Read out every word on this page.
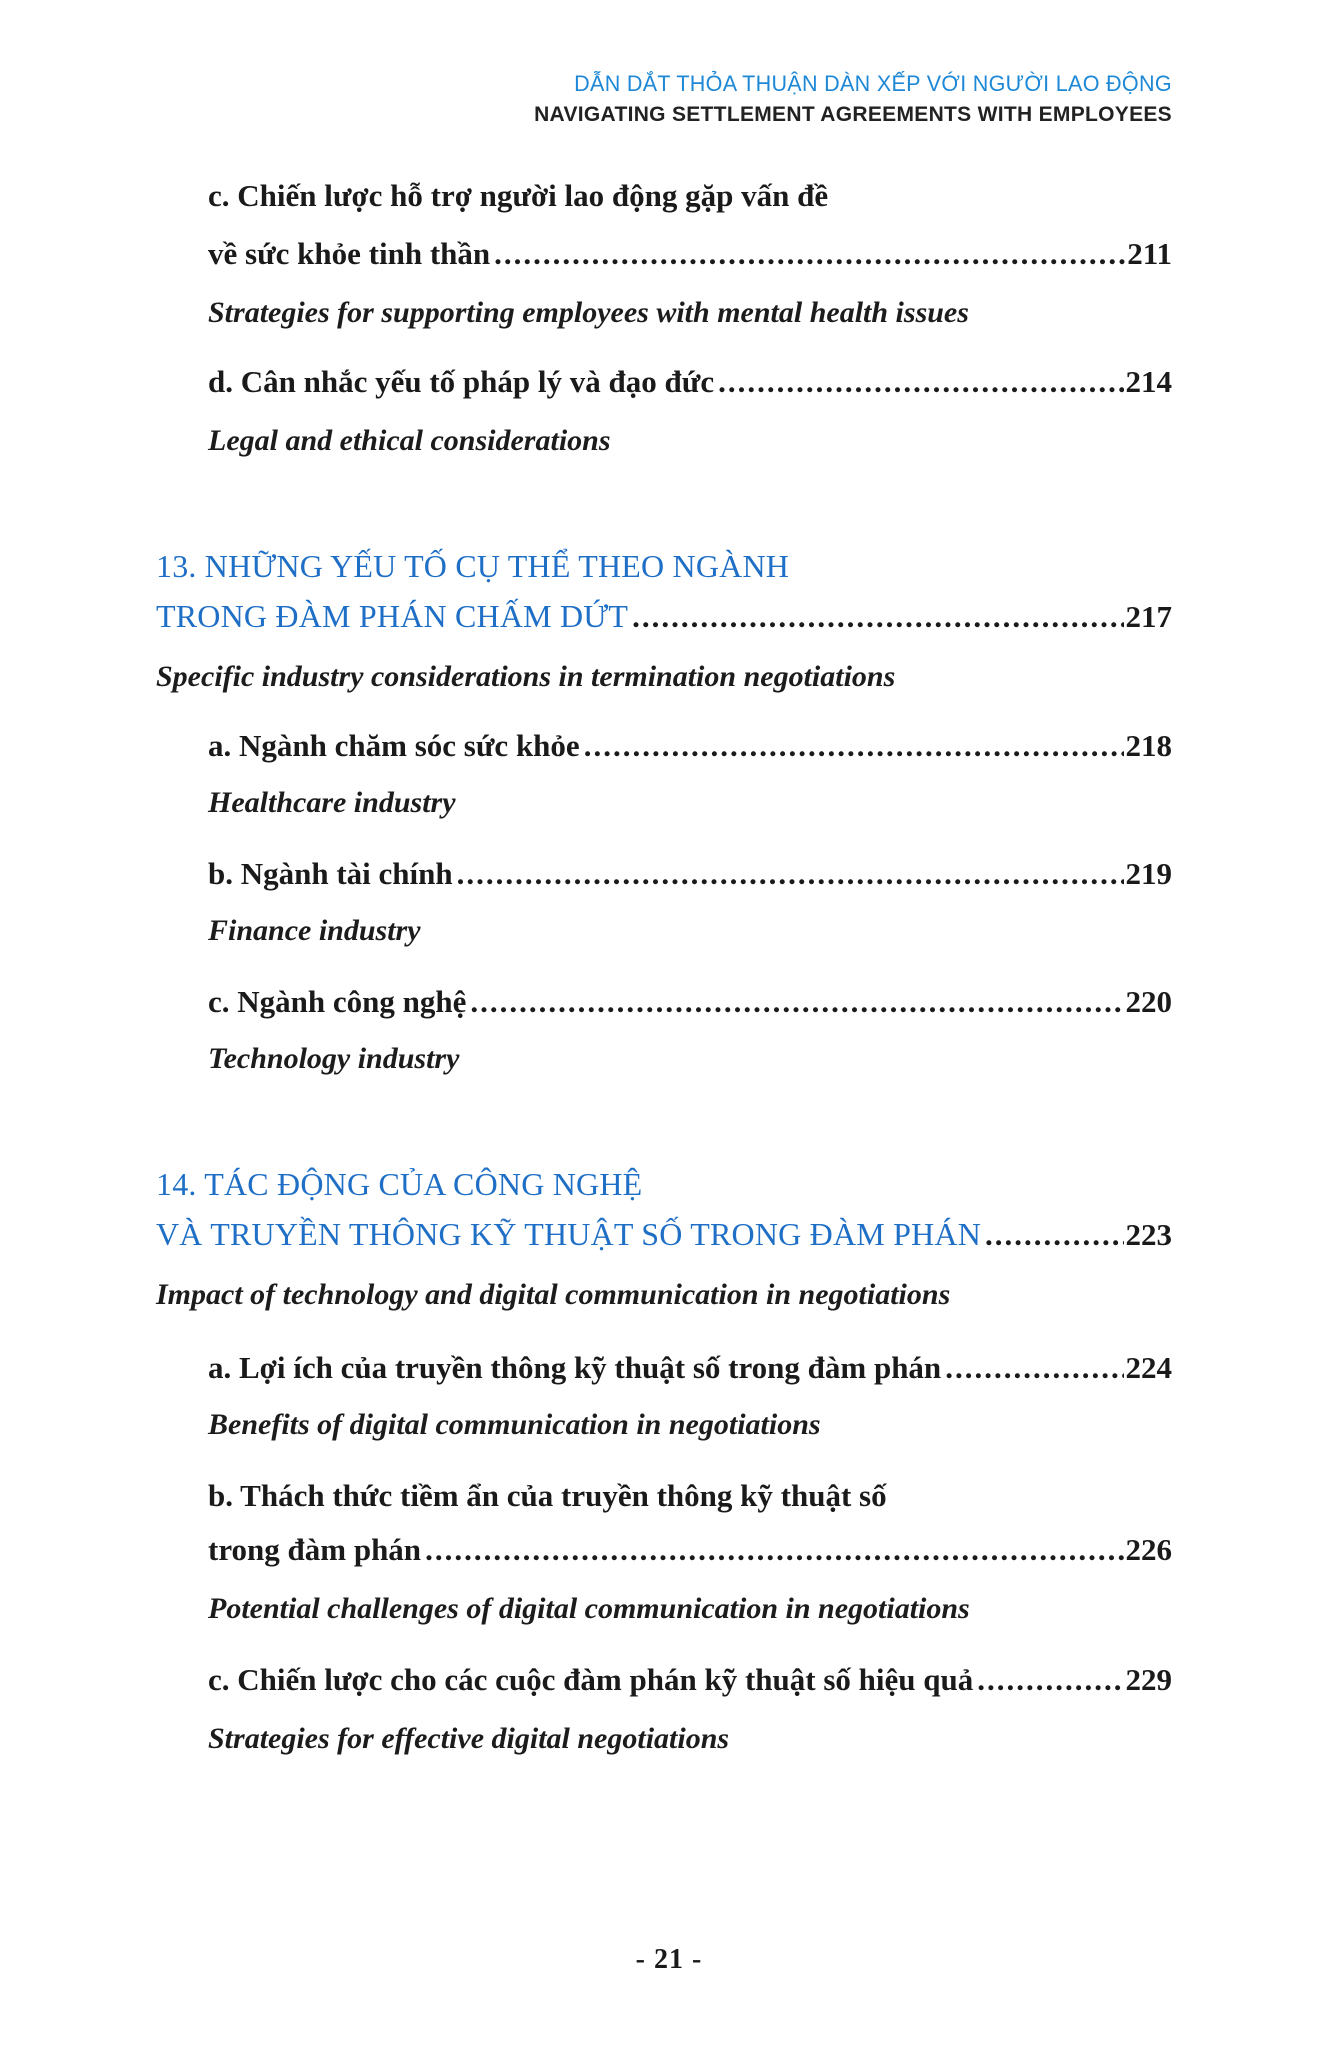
DẪN DẮT THỎA THUẬN DÀN XẾP VỚI NGƯỜI LAO ĐỘNG
NAVIGATING SETTLEMENT AGREEMENTS WITH EMPLOYEES
c. Chiến lược hỗ trợ người lao động gặp vấn đề
về sức khỏe tinh thần .....	211
Strategies for supporting employees with mental health issues
d. Cân nhắc yếu tố pháp lý và đạo đức .....	214
Legal and ethical considerations
13. NHỮNG YẾU TỐ CỤ THỂ THEO NGÀNH
TRONG ĐÀM PHÁN CHẤM DỨT .....	217
Specific industry considerations in termination negotiations
a. Ngành chăm sóc sức khỏe .....	218
Healthcare industry
b. Ngành tài chính .....	219
Finance industry
c. Ngành công nghệ .....	220
Technology industry
14. TÁC ĐỘNG CỦA CÔNG NGHỆ
VÀ TRUYỀN THÔNG KỸ THUẬT SỐ TRONG ĐÀM PHÁN .....	223
Impact of technology and digital communication in negotiations
a. Lợi ích của truyền thông kỹ thuật số trong đàm phán .....	224
Benefits of digital communication in negotiations
b. Thách thức tiềm ẩn của truyền thông kỹ thuật số
trong đàm phán .....	226
Potential challenges of digital communication in negotiations
c. Chiến lược cho các cuộc đàm phán kỹ thuật số hiệu quả .....	229
Strategies for effective digital negotiations
- 21 -
